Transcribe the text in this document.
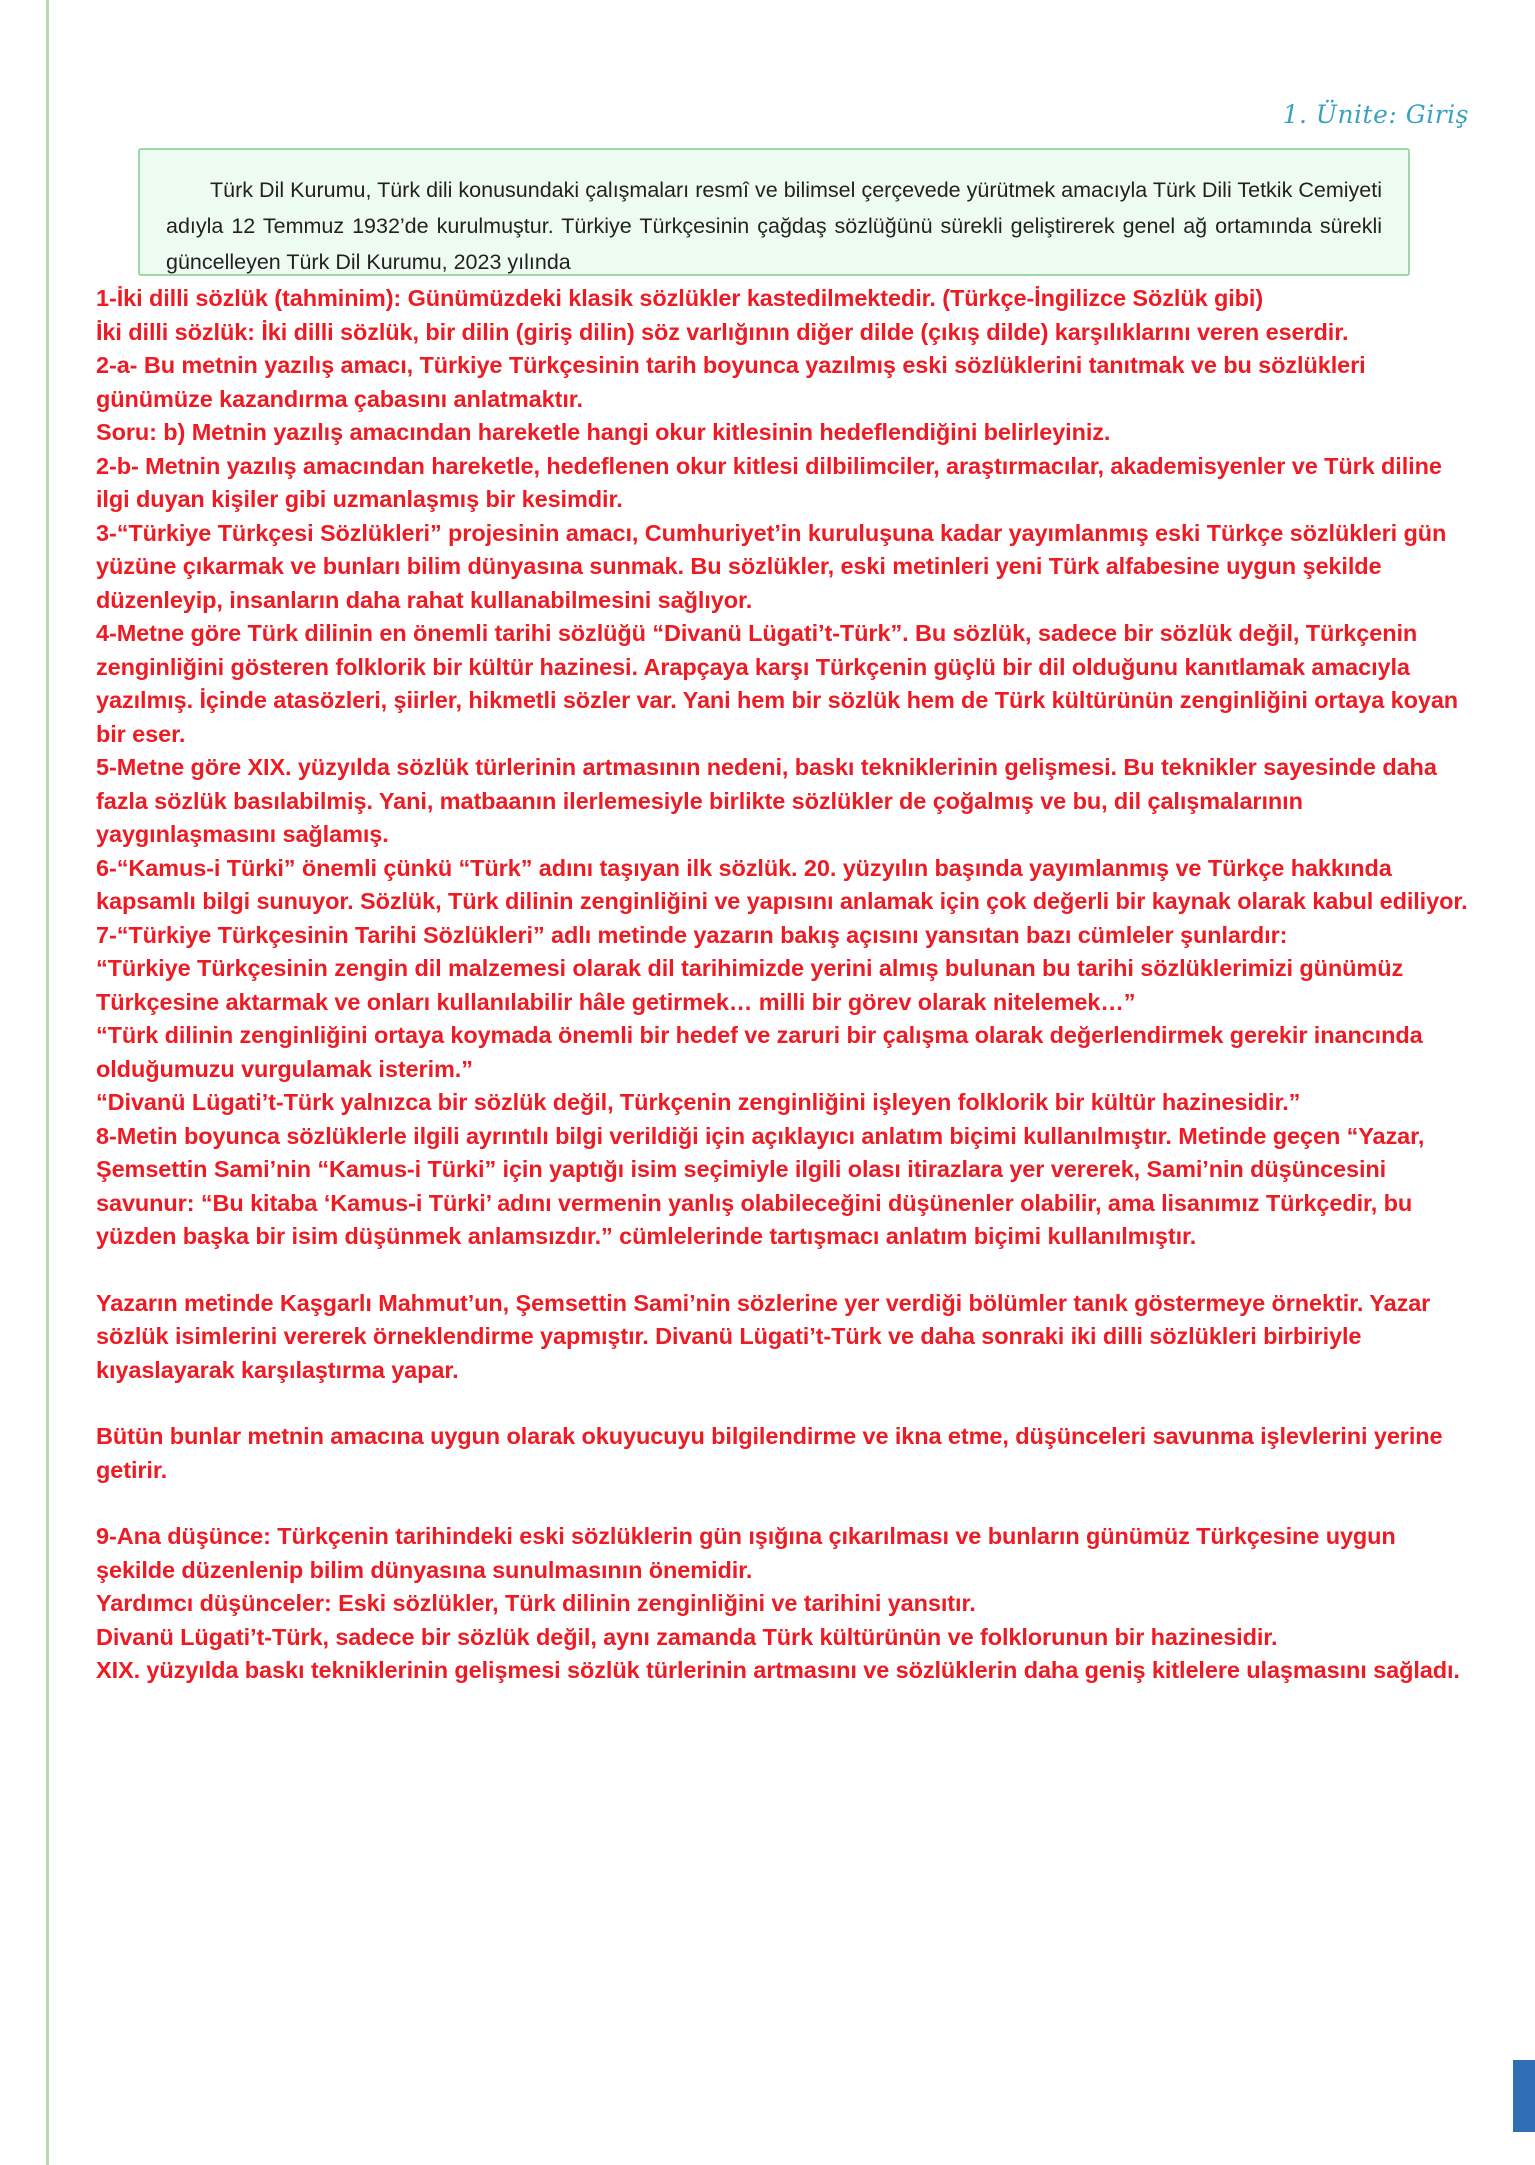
1. Ünite: Giriş

Türk Dil Kurumu, Türk dili konusundaki çalışmaları resmî ve bilimsel çerçevede yürütmek amacıyla Türk Dili Tetkik Cemiyeti adıyla 12 Temmuz 1932’de kurulmuştur. Türkiye Türkçesinin çağdaş sözlüğünü sürekli geliştirerek genel ağ ortamında sürekli güncelleyen Türk Dil Kurumu, 2023 yılında

1-İki dilli sözlük (tahminim): Günümüzdeki klasik sözlükler kastedilmektedir. (Türkçe-İngilizce Sözlük gibi)

İki dilli sözlük: İki dilli sözlük, bir dilin (giriş dilin) söz varlığının diğer dilde (çıkış dilde) karşılıklarını veren eserdir.

2-a- Bu metnin yazılış amacı, Türkiye Türkçesinin tarih boyunca yazılmış eski sözlüklerini tanıtmak ve bu sözlükleri günümüze kazandırma çabasını anlatmaktır.

Soru: b) Metnin yazılış amacından hareketle hangi okur kitlesinin hedeflendiğini belirleyiniz.

2-b- Metnin yazılış amacından hareketle, hedeflenen okur kitlesi dilbilimciler, araştırmacılar, akademisyenler ve Türk diline ilgi duyan kişiler gibi uzmanlaşmış bir kesimdir.

3-“Türkiye Türkçesi Sözlükleri” projesinin amacı, Cumhuriyet’in kuruluşuna kadar yayımlanmış eski Türkçe sözlükleri gün yüzüne çıkarmak ve bunları bilim dünyasına sunmak. Bu sözlükler, eski metinleri yeni Türk alfabesine uygun şekilde düzenleyip, insanların daha rahat kullanabilmesini sağlıyor.

4-Metne göre Türk dilinin en önemli tarihi sözlüğü “Divanü Lügati’t-Türk”. Bu sözlük, sadece bir sözlük değil, Türkçenin zenginliğini gösteren folklorik bir kültür hazinesi. Arapçaya karşı Türkçenin güçlü bir dil olduğunu kanıtlamak amacıyla yazılmış. İçinde atasözleri, şiirler, hikmetli sözler var. Yani hem bir sözlük hem de Türk kültürünün zenginliğini ortaya koyan bir eser.

5-Metne göre XIX. yüzyılda sözlük türlerinin artmasının nedeni, baskı tekniklerinin gelişmesi. Bu teknikler sayesinde daha fazla sözlük basılabilmiş. Yani, matbaanın ilerlemesiyle birlikte sözlükler de çoğalmış ve bu, dil çalışmalarının yaygınlaşmasını sağlamış.

6-“Kamus-i Türki” önemli çünkü “Türk” adını taşıyan ilk sözlük. 20. yüzyılın başında yayımlanmış ve Türkçe hakkında kapsamlı bilgi sunuyor. Sözlük, Türk dilinin zenginliğini ve yapısını anlamak için çok değerli bir kaynak olarak kabul ediliyor.

7-“Türkiye Türkçesinin Tarihi Sözlükleri” adlı metinde yazarın bakış açısını yansıtan bazı cümleler şunlardır:

“Türkiye Türkçesinin zengin dil malzemesi olarak dil tarihimizde yerini almış bulunan bu tarihi sözlüklerimizi günümüz Türkçesine aktarmak ve onları kullanılabilir hâle getirmek… milli bir görev olarak nitelemek…”

“Türk dilinin zenginliğini ortaya koymada önemli bir hedef ve zaruri bir çalışma olarak değerlendirmek gerekir inancında olduğumuzu vurgulamak isterim.”

“Divanü Lügati’t-Türk yalnızca bir sözlük değil, Türkçenin zenginliğini işleyen folklorik bir kültür hazinesidir.”

8-Metin boyunca sözlüklerle ilgili ayrıntılı bilgi verildiği için açıklayıcı anlatım biçimi kullanılmıştır. Metinde geçen “Yazar, Şemsettin Sami’nin “Kamus-i Türki” için yaptığı isim seçimiyle ilgili olası itirazlara yer vererek, Sami’nin düşüncesini savunur: “Bu kitaba ‘Kamus-i Türki’ adını vermenin yanlış olabileceğini düşünenler olabilir, ama lisanımız Türkçedir, bu yüzden başka bir isim düşünmek anlamsızdır.” cümlelerinde tartışmacı anlatım biçimi kullanılmıştır.

Yazarın metinde Kaşgarlı Mahmut’un, Şemsettin Sami’nin sözlerine yer verdiği bölümler tanık göstermeye örnektir. Yazar sözlük isimlerini vererek örneklendirme yapmıştır. Divanü Lügati’t-Türk ve daha sonraki iki dilli sözlükleri birbiriyle kıyaslayarak karşılaştırma yapar.

Bütün bunlar metnin amacına uygun olarak okuyucuyu bilgilendirme ve ikna etme, düşünceleri savunma işlevlerini yerine getirir.

9-Ana düşünce: Türkçenin tarihindeki eski sözlüklerin gün ışığına çıkarılması ve bunların günümüz Türkçesine uygun şekilde düzenlenip bilim dünyasına sunulmasının önemidir.

Yardımcı düşünceler: Eski sözlükler, Türk dilinin zenginliğini ve tarihini yansıtır.

Divanü Lügati’t-Türk, sadece bir sözlük değil, aynı zamanda Türk kültürünün ve folklorunun bir hazinesidir.

XIX. yüzyılda baskı tekniklerinin gelişmesi sözlük türlerinin artmasını ve sözlüklerin daha geniş kitlelere ulaşmasını sağladı.
